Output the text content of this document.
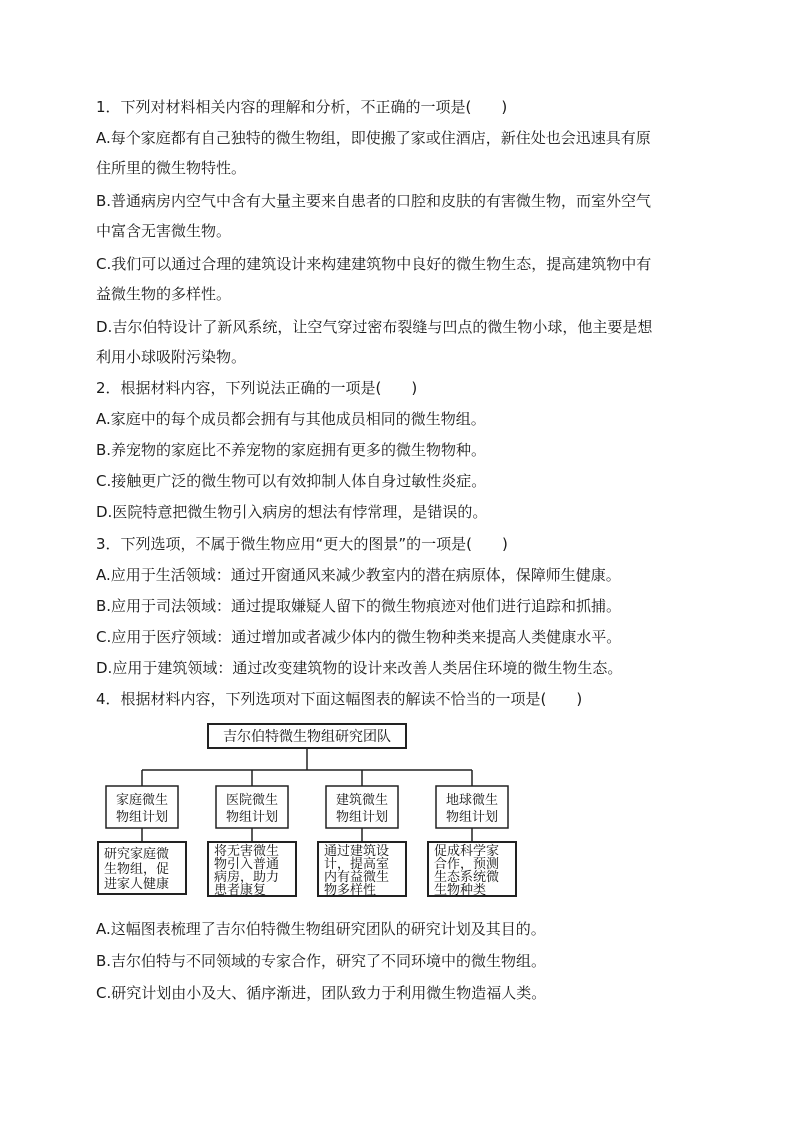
1．下列对材料相关内容的理解和分析，不正确的一项是(　　)
A.每个家庭都有自己独特的微生物组，即使搬了家或住酒店，新住处也会迅速具有原
住所里的微生物特性。
B.普通病房内空气中含有大量主要来自患者的口腔和皮肤的有害微生物，而室外空气
中富含无害微生物。
C.我们可以通过合理的建筑设计来构建建筑物中良好的微生物生态，提高建筑物中有
益微生物的多样性。
D.吉尔伯特设计了新风系统，让空气穿过密布裂缝与凹点的微生物小球，他主要是想
利用小球吸附污染物。
2．根据材料内容，下列说法正确的一项是(　　)
A.家庭中的每个成员都会拥有与其他成员相同的微生物组。
B.养宠物的家庭比不养宠物的家庭拥有更多的微生物物种。
C.接触更广泛的微生物可以有效抑制人体自身过敏性炎症。
D.医院特意把微生物引入病房的想法有悖常理，是错误的。
3．下列选项，不属于微生物应用“更大的图景”的一项是(　　)
A.应用于生活领域：通过开窗通风来减少教室内的潜在病原体，保障师生健康。
B.应用于司法领域：通过提取嫌疑人留下的微生物痕迹对他们进行追踪和抓捕。
C.应用于医疗领域：通过增加或者减少体内的微生物种类来提高人类健康水平。
D.应用于建筑领域：通过改变建筑物的设计来改善人类居住环境的微生物生态。
4．根据材料内容，下列选项对下面这幅图表的解读不恰当的一项是(　　)
吉尔伯特微生物组研究团队
家庭微生
物组计划
研究家庭微
生物组，促
进家人健康
医院微生
物组计划
将无害微生
物引入普通
病房，助力
患者康复
建筑微生
物组计划
通过建筑设
计，提高室
内有益微生
物多样性
地球微生
物组计划
促成科学家
合作，预测
生态系统微
生物种类
A.这幅图表梳理了吉尔伯特微生物组研究团队的研究计划及其目的。
B.吉尔伯特与不同领域的专家合作，研究了不同环境中的微生物组。
C.研究计划由小及大、循序渐进，团队致力于利用微生物造福人类。
